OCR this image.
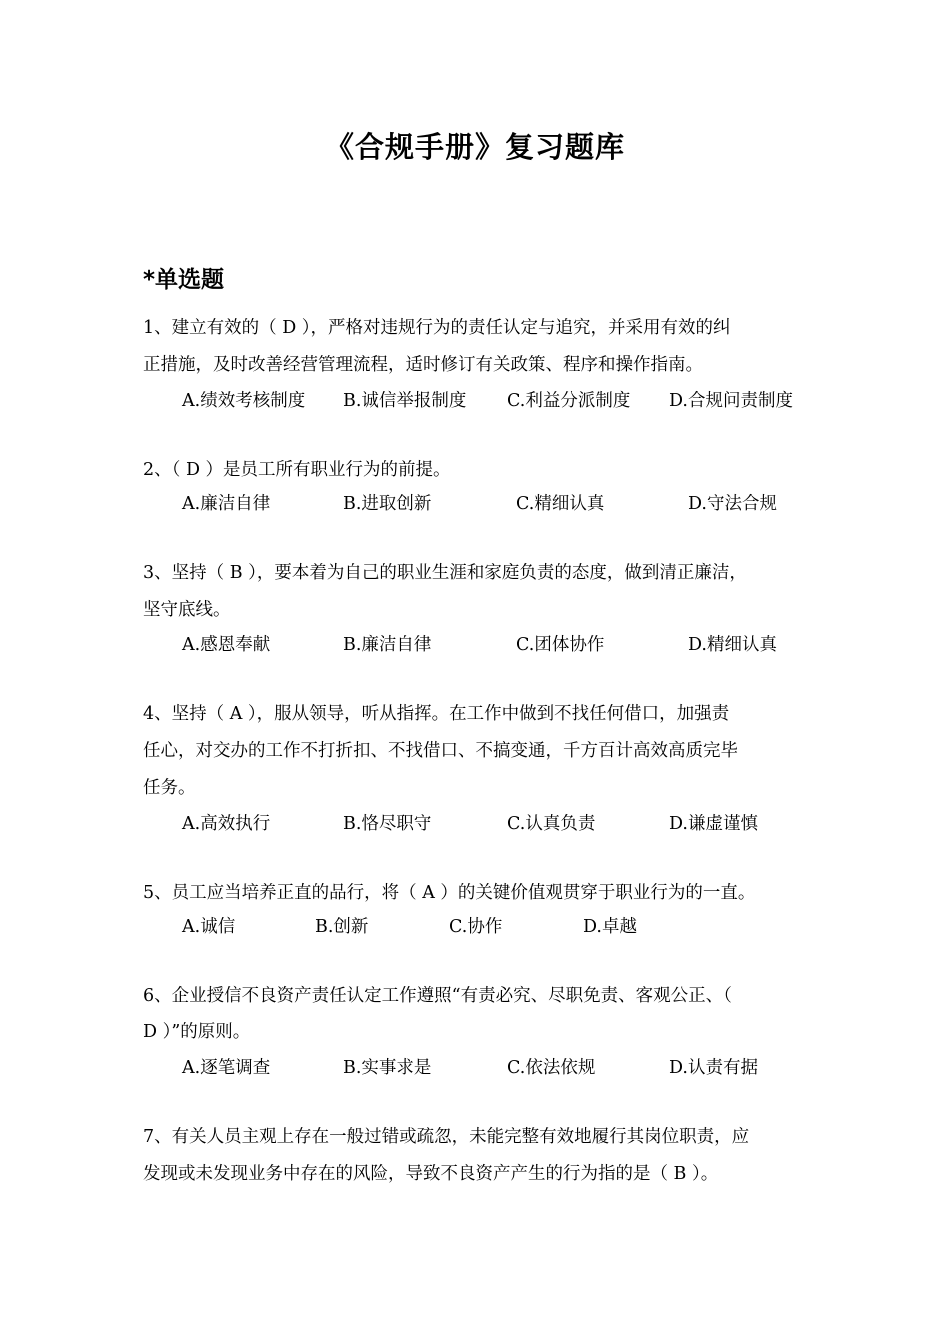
《合规手册》复习题库
*单选题
1、建立有效的（ D ），严格对违规行为的责任认定与追究，并采用有效的纠
正措施，及时改善经营管理流程，适时修订有关政策、程序和操作指南。
A.绩效考核制度 B.诚信举报制度 C.利益分派制度 D.合规问责制度
2、（ D ）是员工所有职业行为的前提。
A.廉洁自律	B.进取创新	C.精细认真	D.守法合规
3、坚持（ B ），要本着为自己的职业生涯和家庭负责的态度，做到清正廉洁，
坚守底线。
A.感恩奉献	B.廉洁自律	C.团体协作	D.精细认真
4、坚持（ A ），服从领导，听从指挥。在工作中做到不找任何借口，加强责
任心，对交办的工作不打折扣、不找借口、不搞变通，千方百计高效高质完毕
任务。
A.高效执行	B.恪尽职守	C.认真负责	D.谦虚谨慎
5、员工应当培养正直的品行，将（ A ）的关键价值观贯穿于职业行为的一直。
A.诚信	B.创新	C.协作	D.卓越
6、企业授信不良资产责任认定工作遵照“有责必究、尽职免责、客观公正、（
D ）”的原则。
A.逐笔调查	B.实事求是	C.依法依规	D.认责有据
7、有关人员主观上存在一般过错或疏忽，未能完整有效地履行其岗位职责，应
发现或未发现业务中存在的风险，导致不良资产产生的行为指的是（ B ）。
